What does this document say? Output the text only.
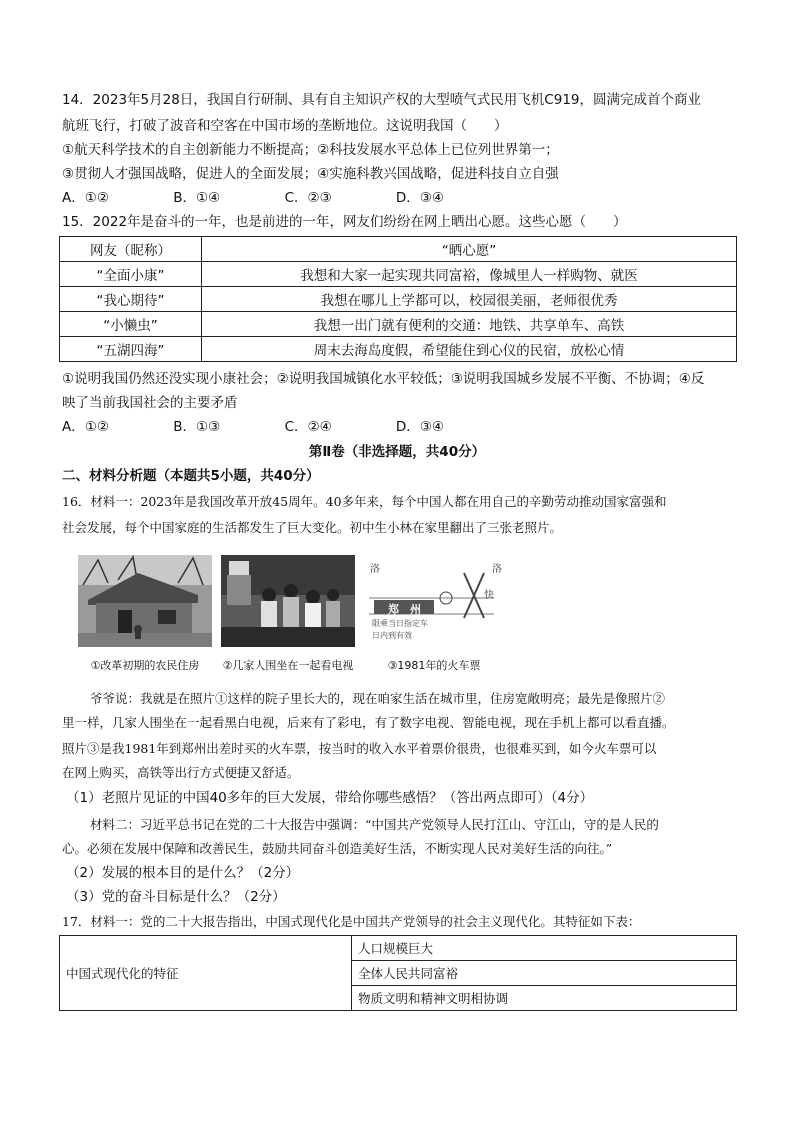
14．2023年5月28日，我国自行研制、具有自主知识产权的大型喷气式民用飞机C919，圆满完成首个商业
航班飞行，打破了波音和空客在中国市场的垄断地位。这说明我国（　　）
①航天科学技术的自主创新能力不断提高；②科技发展水平总体上已位列世界第一；
③贯彻人才强国战略，促进人的全面发展；④实施科教兴国战略，促进科技自立自强
A．①②	B．①④	C．②③	D．③④
15．2022年是奋斗的一年，也是前进的一年，网友们纷纷在网上晒出心愿。这些心愿（　　）
网友（昵称）	“晒心愿”
“全面小康”	我想和大家一起实现共同富裕，像城里人一样购物、就医
“我心期待”	我想在哪儿上学都可以，校园很美丽，老师很优秀
“小懒虫”	我想一出门就有便利的交通：地铁、共享单车、高铁
“五湖四海”	周末去海岛度假，希望能住到心仪的民宿，放松心情
①说明我国仍然还没实现小康社会；②说明我国城镇化水平较低；③说明我国城乡发展不平衡、不协调；④反
映了当前我国社会的主要矛盾
A．①②	B．①③	C．②④	D．③④
第Ⅱ卷（非选择题，共40分）
二、材料分析题（本题共5小题，共40分）
16．材料一：2023年是我国改革开放45周年。40多年来，每个中国人都在用自己的辛勤劳动推动国家富强和
社会发展，每个中国家庭的生活都发生了巨大变化。初中生小林在家里翻出了三张老照片。
洛	洛
郑　 州
快
限乘当日指定车
日内到有效
①改革初期的农民住房	②几家人围坐在一起看电视	③1981年的火车票
爷爷说：我就是在照片①这样的院子里长大的，现在咱家生活在城市里，住房宽敞明亮；最先是像照片②
里一样，几家人围坐在一起看黑白电视，后来有了彩电，有了数字电视、智能电视，现在手机上都可以看直播。
照片③是我1981年到郑州出差时买的火车票，按当时的收入水平着票价很贵，也很难买到，如今火车票可以
在网上购买，高铁等出行方式便捷又舒适。
（1）老照片见证的中国40多年的巨大发展，带给你哪些感悟？（答出两点即可）（4分）
材料二：习近平总书记在党的二十大报告中强调：“中国共产党领导人民打江山、守江山，守的是人民的
心。必须在发展中保障和改善民生，鼓励共同奋斗创造美好生活，不断实现人民对美好生活的向往。”
（2）发展的根本目的是什么？（2分）
（3）党的奋斗目标是什么？（2分）
17．材料一：党的二十大报告指出，中国式现代化是中国共产党领导的社会主义现代化。其特征如下表：
中国式现代化的特征	人口规模巨大
全体人民共同富裕
物质文明和精神文明相协调
